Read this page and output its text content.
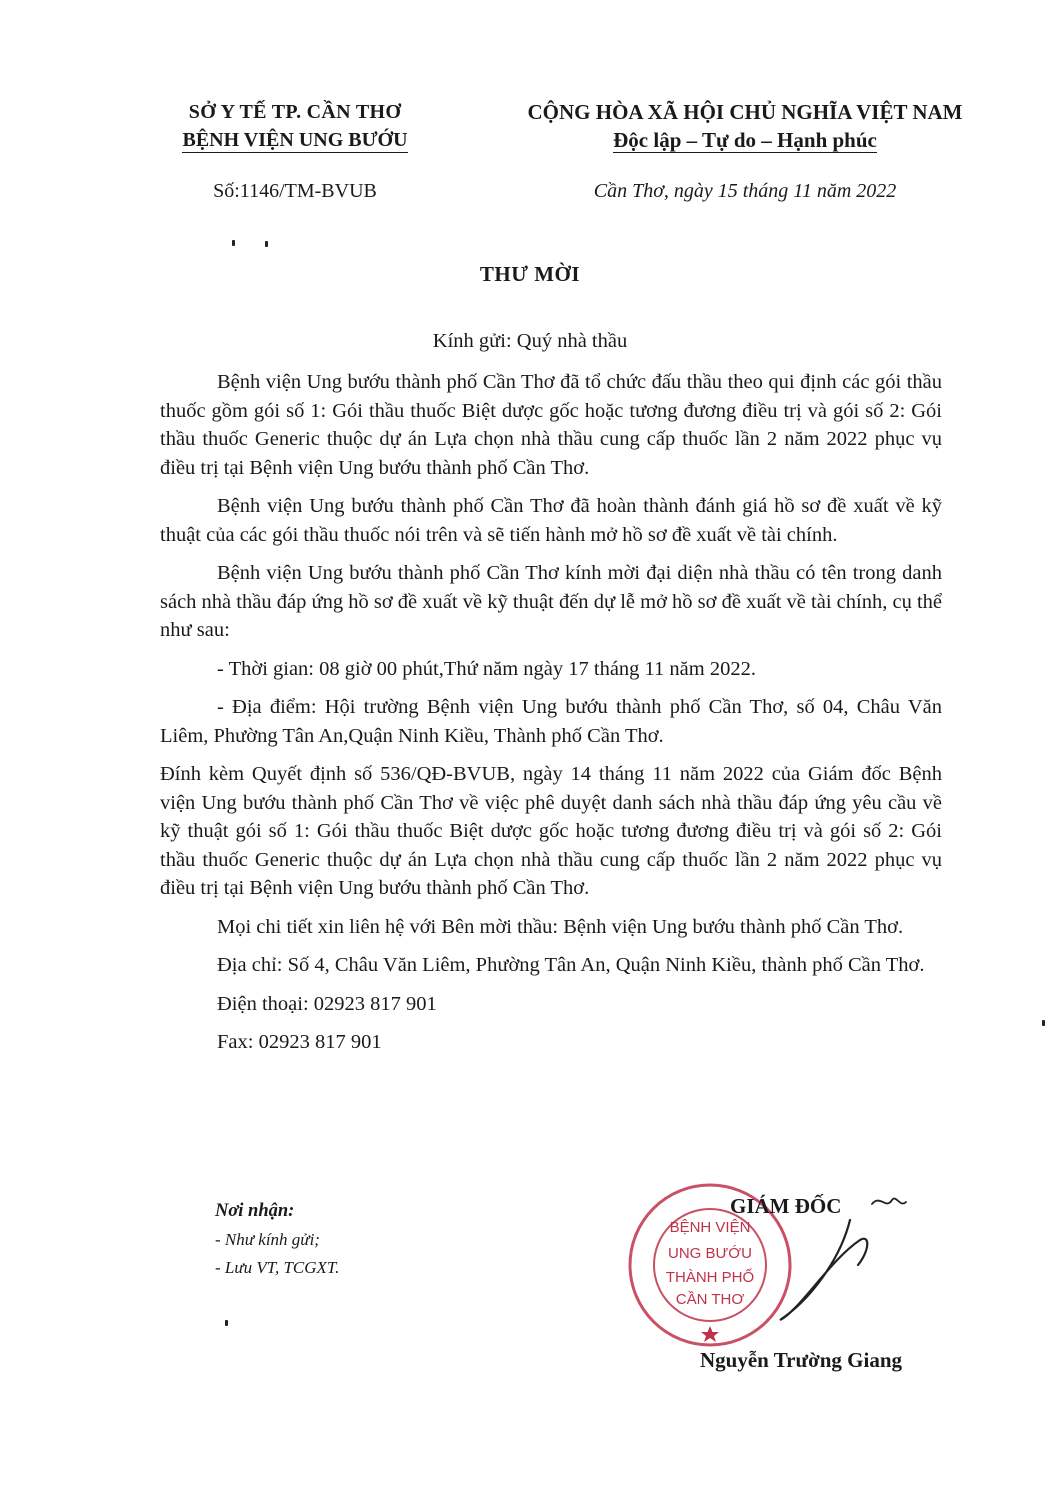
SỞ Y TẾ TP. CẦN THƠ
BỆNH VIỆN UNG BƯỚU
CỘNG HÒA XÃ HỘI CHỦ NGHĨA VIỆT NAM
Độc lập – Tự do – Hạnh phúc
Số:1146/TM-BVUB	Cần Thơ, ngày 15 tháng 11 năm 2022
THƯ MỜI
Kính gửi: Quý nhà thầu

Bệnh viện Ung bướu thành phố Cần Thơ đã tổ chức đấu thầu theo qui định các gói thầu thuốc gồm gói số 1: Gói thầu thuốc Biệt dược gốc hoặc tương đương điều trị và gói số 2: Gói thầu thuốc Generic thuộc dự án Lựa chọn nhà thầu cung cấp thuốc lần 2 năm 2022 phục vụ điều trị tại Bệnh viện Ung bướu thành phố Cần Thơ.

Bệnh viện Ung bướu thành phố Cần Thơ đã hoàn thành đánh giá hồ sơ đề xuất về kỹ thuật của các gói thầu thuốc nói trên và sẽ tiến hành mở hồ sơ đề xuất về tài chính.

Bệnh viện Ung bướu thành phố Cần Thơ kính mời đại diện nhà thầu có tên trong danh sách nhà thầu đáp ứng hồ sơ đề xuất về kỹ thuật đến dự lễ mở hồ sơ đề xuất về tài chính, cụ thể như sau:

- Thời gian: 08 giờ 00 phút,Thứ năm ngày 17 tháng 11 năm 2022.

- Địa điểm: Hội trường Bệnh viện Ung bướu thành phố Cần Thơ, số 04, Châu Văn Liêm, Phường Tân An,Quận Ninh Kiều, Thành phố Cần Thơ.

Đính kèm Quyết định số 536/QĐ-BVUB, ngày 14 tháng 11 năm 2022 của Giám đốc Bệnh viện Ung bướu thành phố Cần Thơ về việc phê duyệt danh sách nhà thầu đáp ứng yêu cầu về kỹ thuật gói số 1: Gói thầu thuốc Biệt dược gốc hoặc tương đương điều trị và gói số 2: Gói thầu thuốc Generic thuộc dự án Lựa chọn nhà thầu cung cấp thuốc lần 2 năm 2022 phục vụ điều trị tại Bệnh viện Ung bướu thành phố Cần Thơ.

Mọi chi tiết xin liên hệ với Bên mời thầu: Bệnh viện Ung bướu thành phố Cần Thơ.

Địa chỉ: Số 4, Châu Văn Liêm, Phường Tân An, Quận Ninh Kiều, thành phố Cần Thơ.

Điện thoại: 02923 817 901

Fax: 02923 817 901

Nơi nhận:
- Như kính gửi;
- Lưu VT, TCGXT.
BỆNH VIỆN
UNG BƯỚU
THÀNH PHỐ
CẦN THƠ
GIÁM ĐỐC
Nguyễn Trường Giang
